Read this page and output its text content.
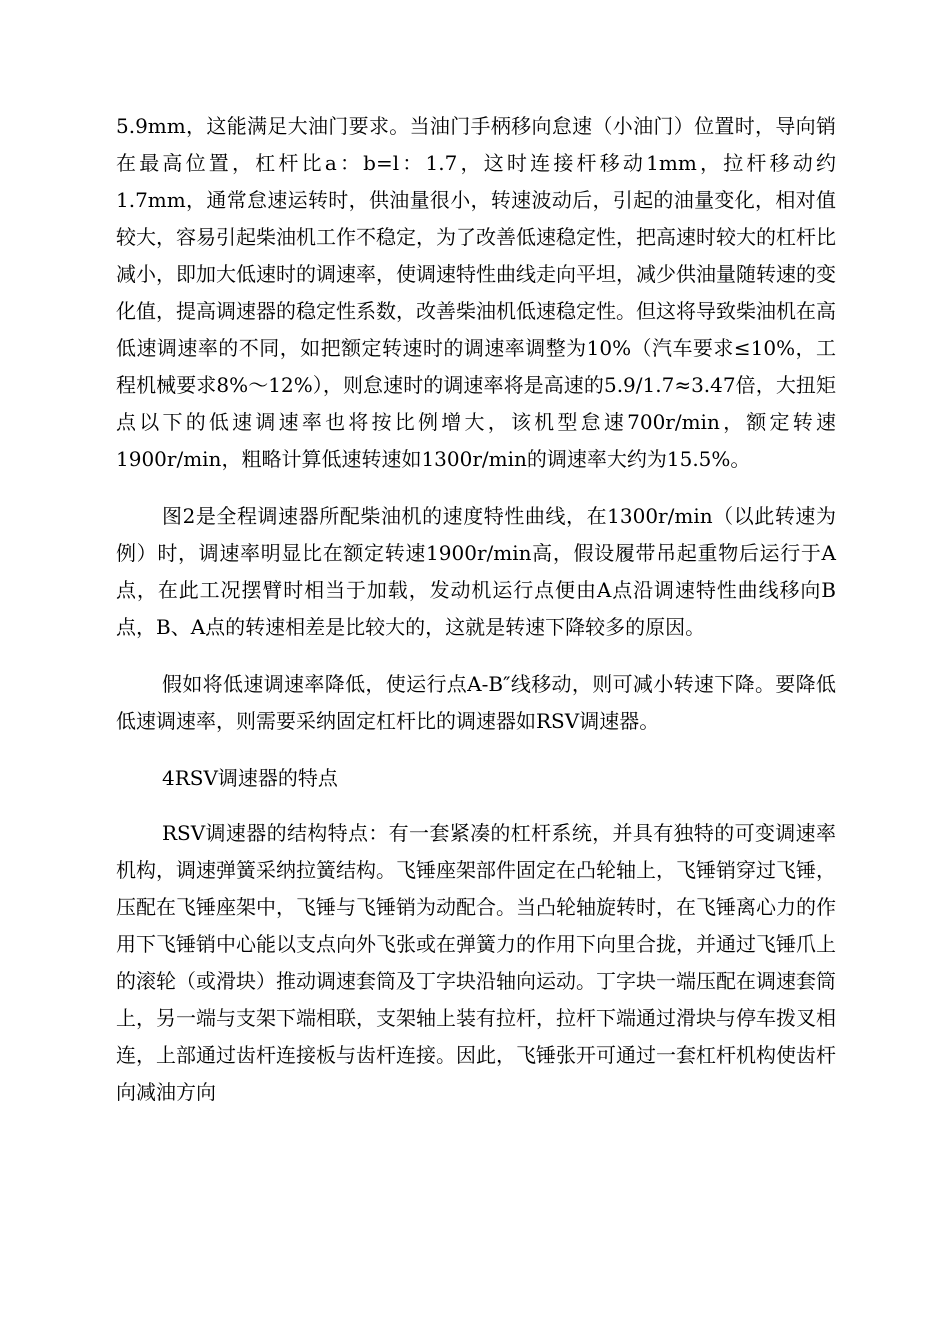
5.9mm，这能满足大油门要求。当油门手柄移向怠速（小油门）位置时，导向销在最高位置，杠杆比a：b=l：1.7，这时连接杆移动1mm，拉杆移动约1.7mm，通常怠速运转时，供油量很小，转速波动后，引起的油量变化，相对值较大，容易引起柴油机工作不稳定，为了改善低速稳定性，把高速时较大的杠杆比减小，即加大低速时的调速率，使调速特性曲线走向平坦，减少供油量随转速的变化值，提高调速器的稳定性系数，改善柴油机低速稳定性。但这将导致柴油机在高低速调速率的不同，如把额定转速时的调速率调整为10%（汽车要求≤10%，工程机械要求8%～12%），则怠速时的调速率将是高速的5.9/1.7≈3.47倍，大扭矩点以下的低速调速率也将按比例增大，该机型怠速700r/min，额定转速1900r/min，粗略计算低速转速如1300r/min的调速率大约为15.5%。

图2是全程调速器所配柴油机的速度特性曲线，在1300r/min（以此转速为例）时，调速率明显比在额定转速1900r/min高，假设履带吊起重物后运行于A点，在此工况摆臂时相当于加载，发动机运行点便由A点沿调速特性曲线移向B点，B、A点的转速相差是比较大的，这就是转速下降较多的原因。

假如将低速调速率降低，使运行点A-B″线移动，则可减小转速下降。要降低低速调速率，则需要采纳固定杠杆比的调速器如RSV调速器。

4RSV调速器的特点

RSV调速器的结构特点：有一套紧凑的杠杆系统，并具有独特的可变调速率机构，调速弹簧采纳拉簧结构。飞锤座架部件固定在凸轮轴上，飞锤销穿过飞锤，压配在飞锤座架中，飞锤与飞锤销为动配合。当凸轮轴旋转时，在飞锤离心力的作用下飞锤销中心能以支点向外飞张或在弹簧力的作用下向里合拢，并通过飞锤爪上的滚轮（或滑块）推动调速套筒及丁字块沿轴向运动。丁字块一端压配在调速套筒上，另一端与支架下端相联，支架轴上装有拉杆，拉杆下端通过滑块与停车拨叉相连，上部通过齿杆连接板与齿杆连接。因此，飞锤张开可通过一套杠杆机构使齿杆向减油方向
